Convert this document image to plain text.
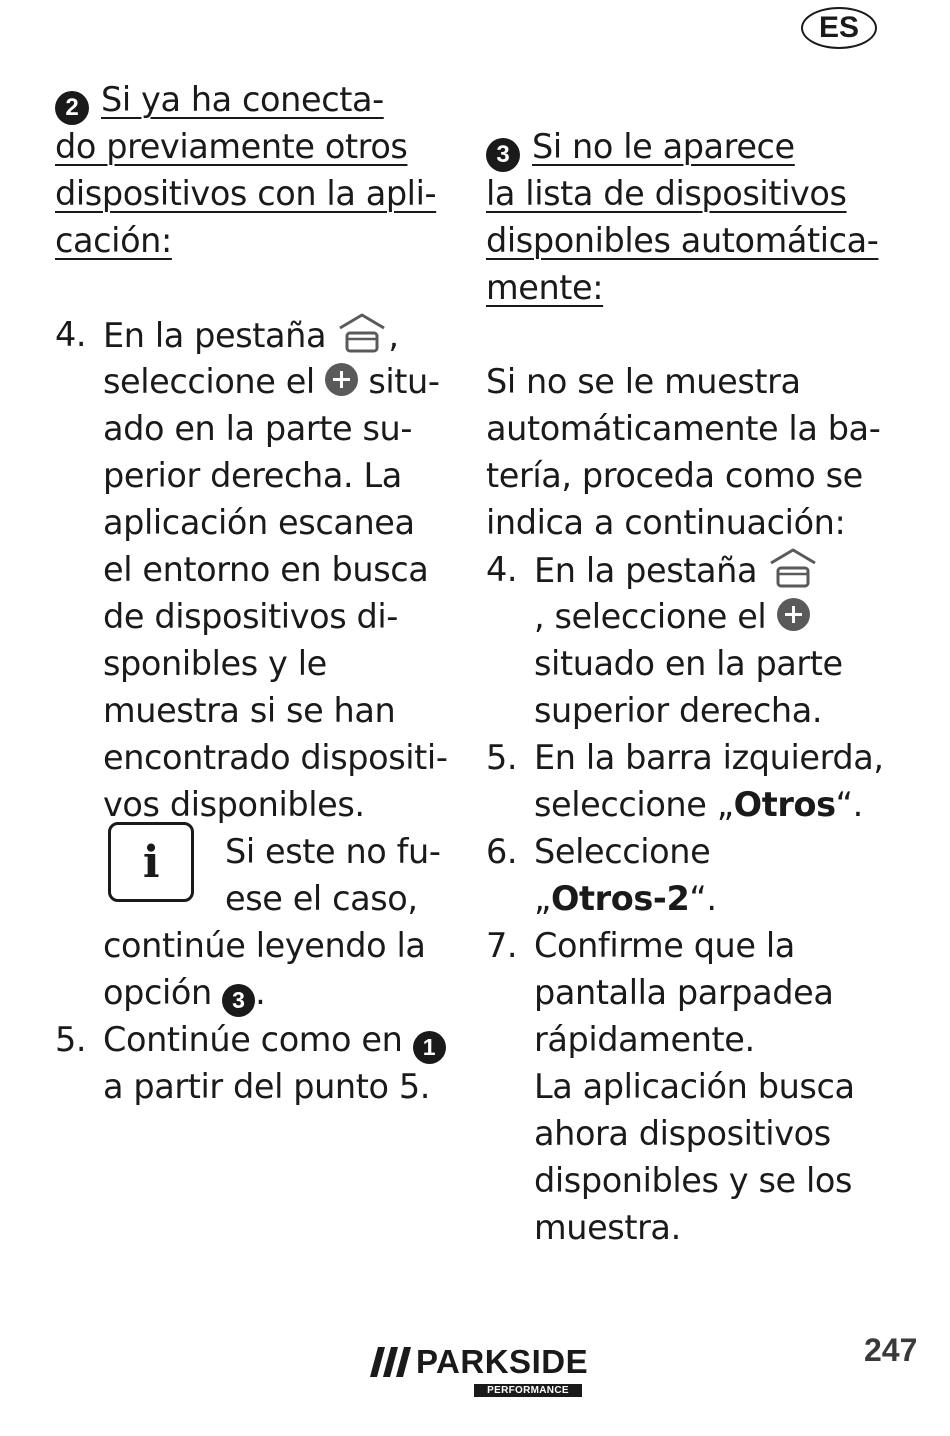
ES
2 Si ya ha conecta-
do previamente otros
dispositivos con la apli-
cación:
4. En la pestaña ,
seleccione el  situ-
ado en la parte su-
perior derecha. La
aplicación escanea
el entorno en busca
de dispositivos di-
sponibles y le
muestra si se han
encontrado dispositi-
vos disponibles.
i	Si este no fu-
ese el caso,
continúe leyendo la
opción 3 .
5. Continúe como en 1
a partir del punto 5.
3 Si no le aparece
la lista de dispositivos
disponibles automática-
mente:
Si no se le muestra
automáticamente la ba-
tería, proceda como se
indica a continuación:
4. En la pestaña
, seleccione el
situado en la parte
superior derecha.
5. En la barra izquierda,
seleccione „Otros“.
6. Seleccione
„Otros-2“.
7. Confirme que la
pantalla parpadea
rápidamente.
La aplicación busca
ahora dispositivos
disponibles y se los
muestra.
PARKSIDE
PERFORMANCE
247
